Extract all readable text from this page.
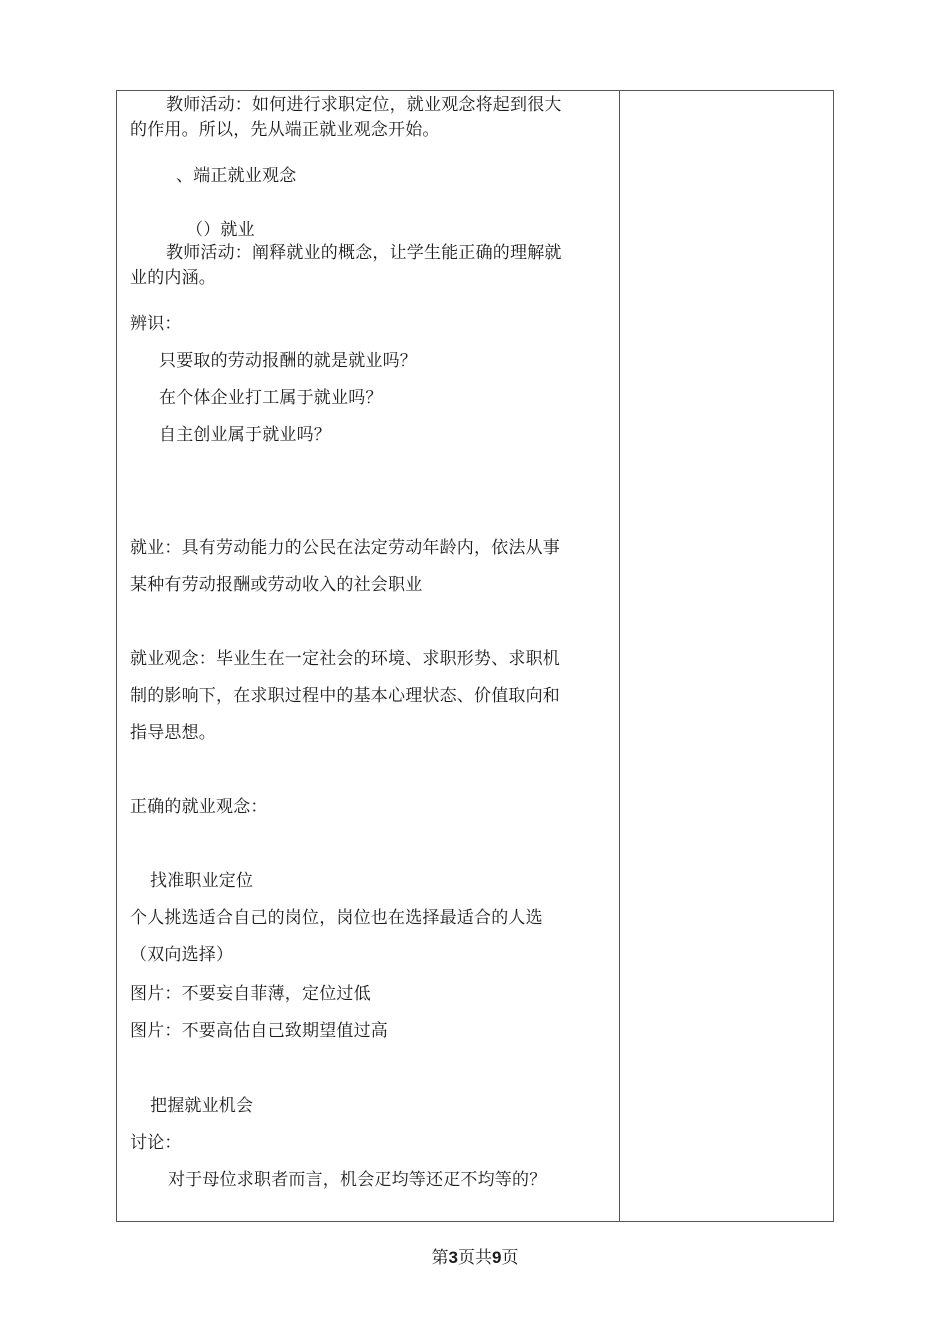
教师活动：如何进行求职定位，就业观念将起到很大
的作用。所以，先从端正就业观念开始。
、端正就业观念
（）就业
教师活动：阐释就业的概念，让学生能正确的理解就
业的内涵。
辨识：
只要取的劳动报酬的就是就业吗？
在个体企业打工属于就业吗？
自主创业属于就业吗？
就业：具有劳动能力的公民在法定劳动年龄内，依法从事
某种有劳动报酬或劳动收入的社会职业
就业观念：毕业生在一定社会的环境、求职形势、求职机
制的影响下，在求职过程中的基本心理状态、价值取向和
指导思想。
正确的就业观念：
找准职业定位
个人挑选适合自己的岗位，岗位也在选择最适合的人选
（双向选择）
图片：不要妄自菲薄，定位过低
图片：不要高估自己致期望值过高
把握就业机会
讨论：
对于母位求职者而言，机会疋均等还疋不均等的？
第3页共9页
